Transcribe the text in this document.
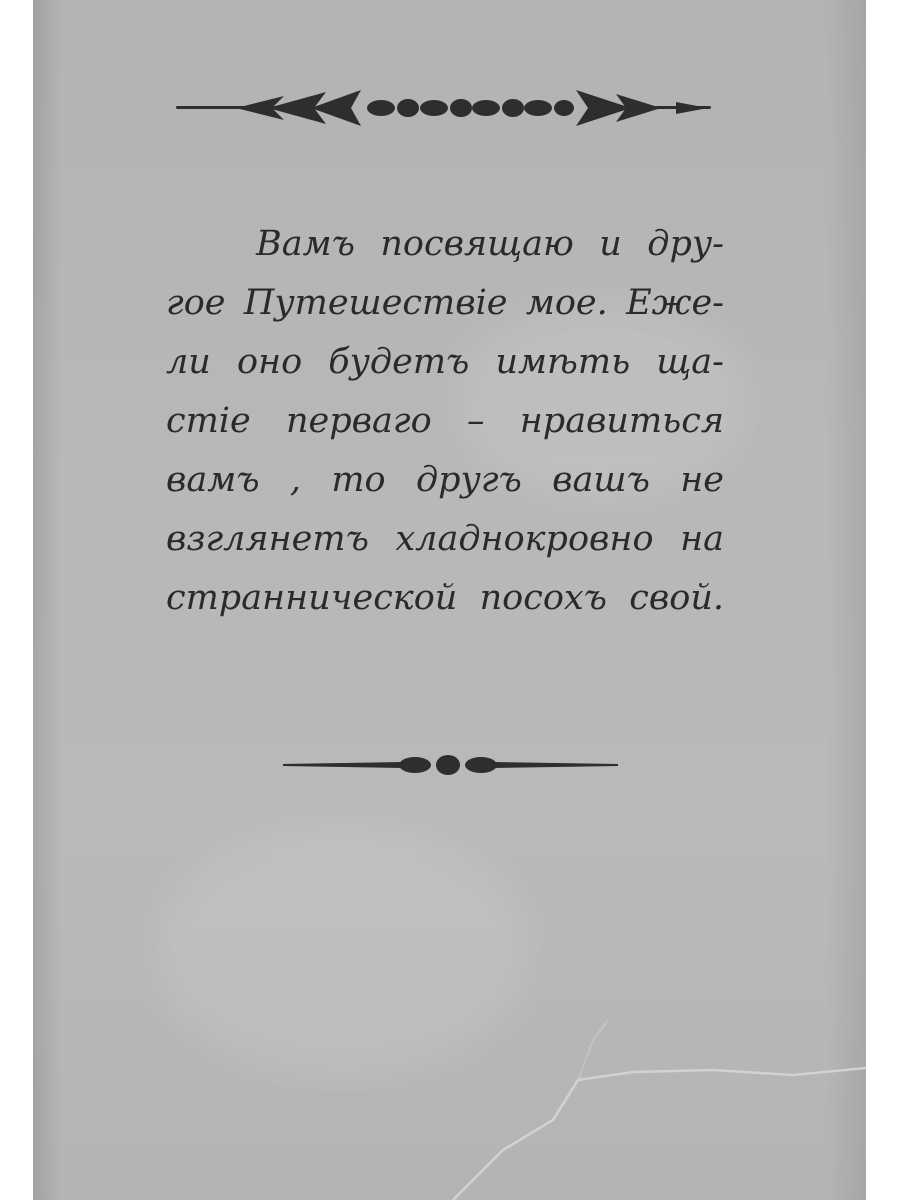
Вамъ посвящаю и дру-
гое Путешествіе мое. Еже-
ли оно будетъ имѣть ща-
стіе перваго – нравиться
вамъ , то другъ вашъ не
взглянетъ хладнокровно на
страннической посохъ свой.
